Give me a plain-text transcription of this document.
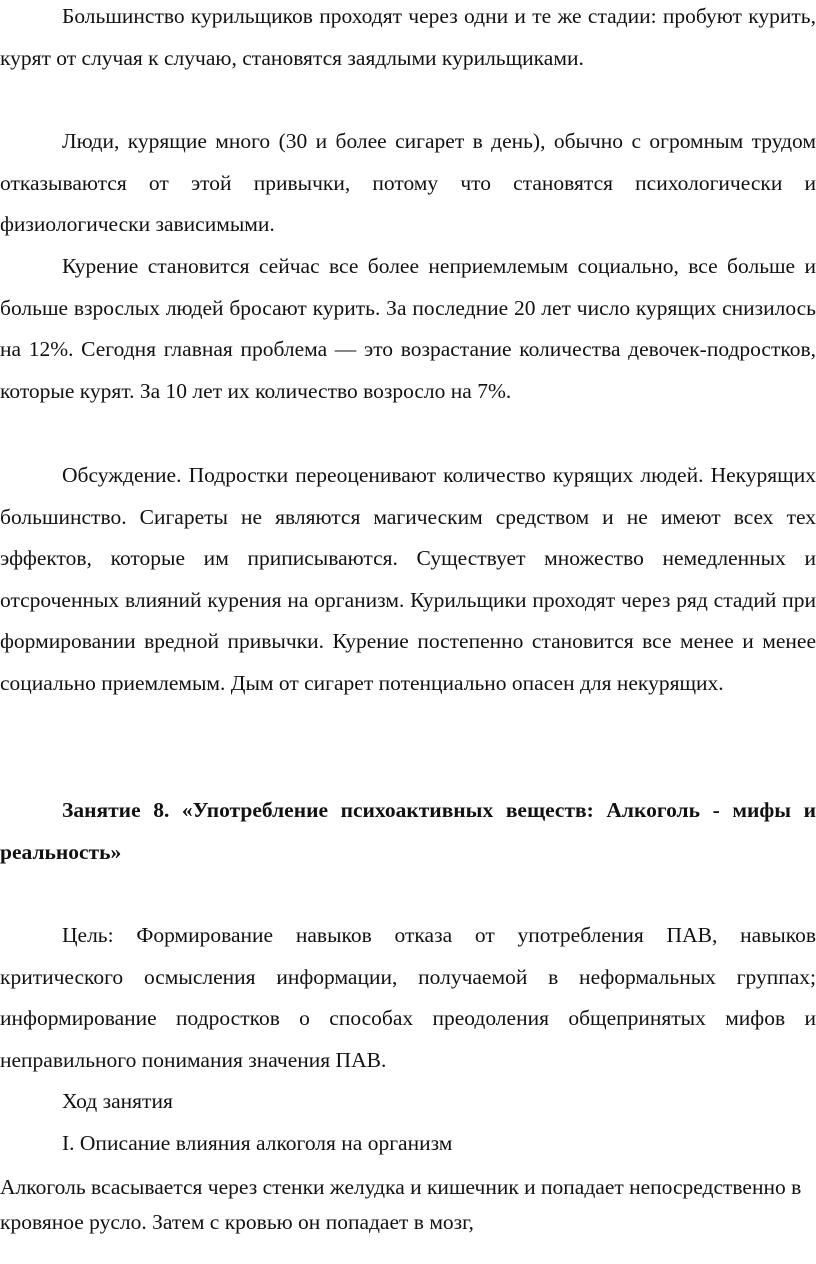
Большинство курильщиков проходят через одни и те же стадии: пробуют курить, курят от случая к случаю, становятся заядлыми курильщиками.

Люди, курящие много (30 и более сигарет в день), обычно с огромным трудом отказываются от этой привычки, потому что становятся психологически и физиологически зависимыми.

Курение становится сейчас все более неприемлемым социально, все больше и больше взрослых людей бросают курить. За последние 20 лет число курящих снизилось на 12%. Сегодня главная проблема — это возрастание количества девочек-подростков, которые курят. За 10 лет их количество возросло на 7%.

Обсуждение. Подростки переоценивают количество курящих людей. Некурящих большинство. Сигареты не являются магическим средством и не имеют всех тех эффектов, которые им приписываются. Существует множество немедленных и отсроченных влияний курения на организм. Курильщики проходят через ряд стадий при формировании вредной привычки. Курение постепенно становится все менее и менее социально приемлемым. Дым от сигарет потенциально опасен для некурящих.

Занятие 8. «Употребление психоактивных веществ: Алкоголь - мифы и реальность»

Цель: Формирование навыков отказа от употребления ПАВ, навыков критического осмысления информации, получаемой в неформальных группах; информирование подростков о способах преодоления общепринятых мифов и неправильного понимания значения ПАВ.

Ход занятия

I. Описание влияния алкоголя на организм

Алкоголь всасывается через стенки желудка и кишечник и попадает непосредственно в кровяное русло. Затем с кровью он попадает в мозг,
